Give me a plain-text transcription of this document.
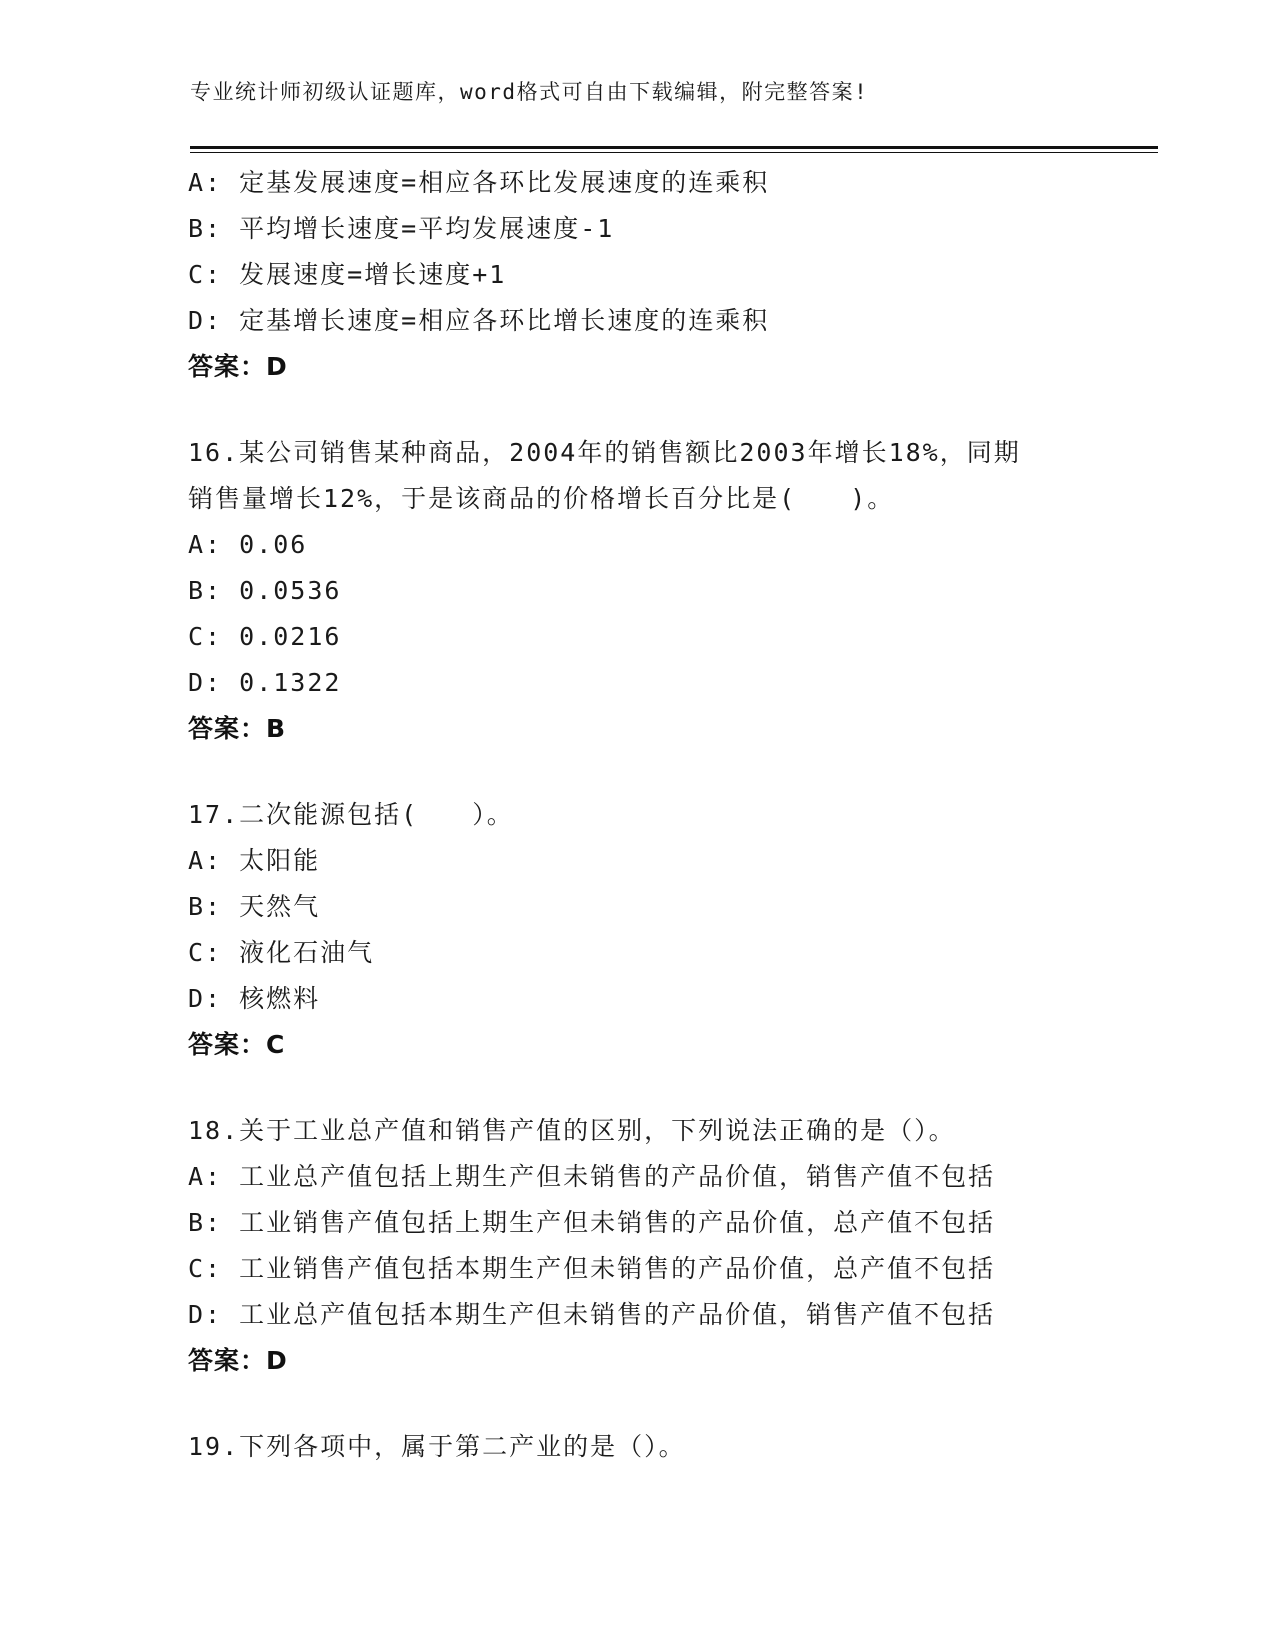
专业统计师初级认证题库，word格式可自由下载编辑，附完整答案!
A: 定基发展速度=相应各环比发展速度的连乘积
B: 平均增长速度=平均发展速度-1
C: 发展速度=增长速度+1
D: 定基增长速度=相应各环比增长速度的连乘积
答案：D
16.某公司销售某种商品，2004年的销售额比2003年增长18%，同期
销售量增长12%，于是该商品的价格增长百分比是(　　)。
A: 0.06
B: 0.0536
C: 0.0216
D: 0.1322
答案：B
17.二次能源包括(　　）。
A: 太阳能
B: 天然气
C: 液化石油气
D: 核燃料
答案：C
18.关于工业总产值和销售产值的区别，下列说法正确的是（）。
A: 工业总产值包括上期生产但未销售的产品价值，销售产值不包括
B: 工业销售产值包括上期生产但未销售的产品价值，总产值不包括
C: 工业销售产值包括本期生产但未销售的产品价值，总产值不包括
D: 工业总产值包括本期生产但未销售的产品价值，销售产值不包括
答案：D
19.下列各项中，属于第二产业的是（）。
